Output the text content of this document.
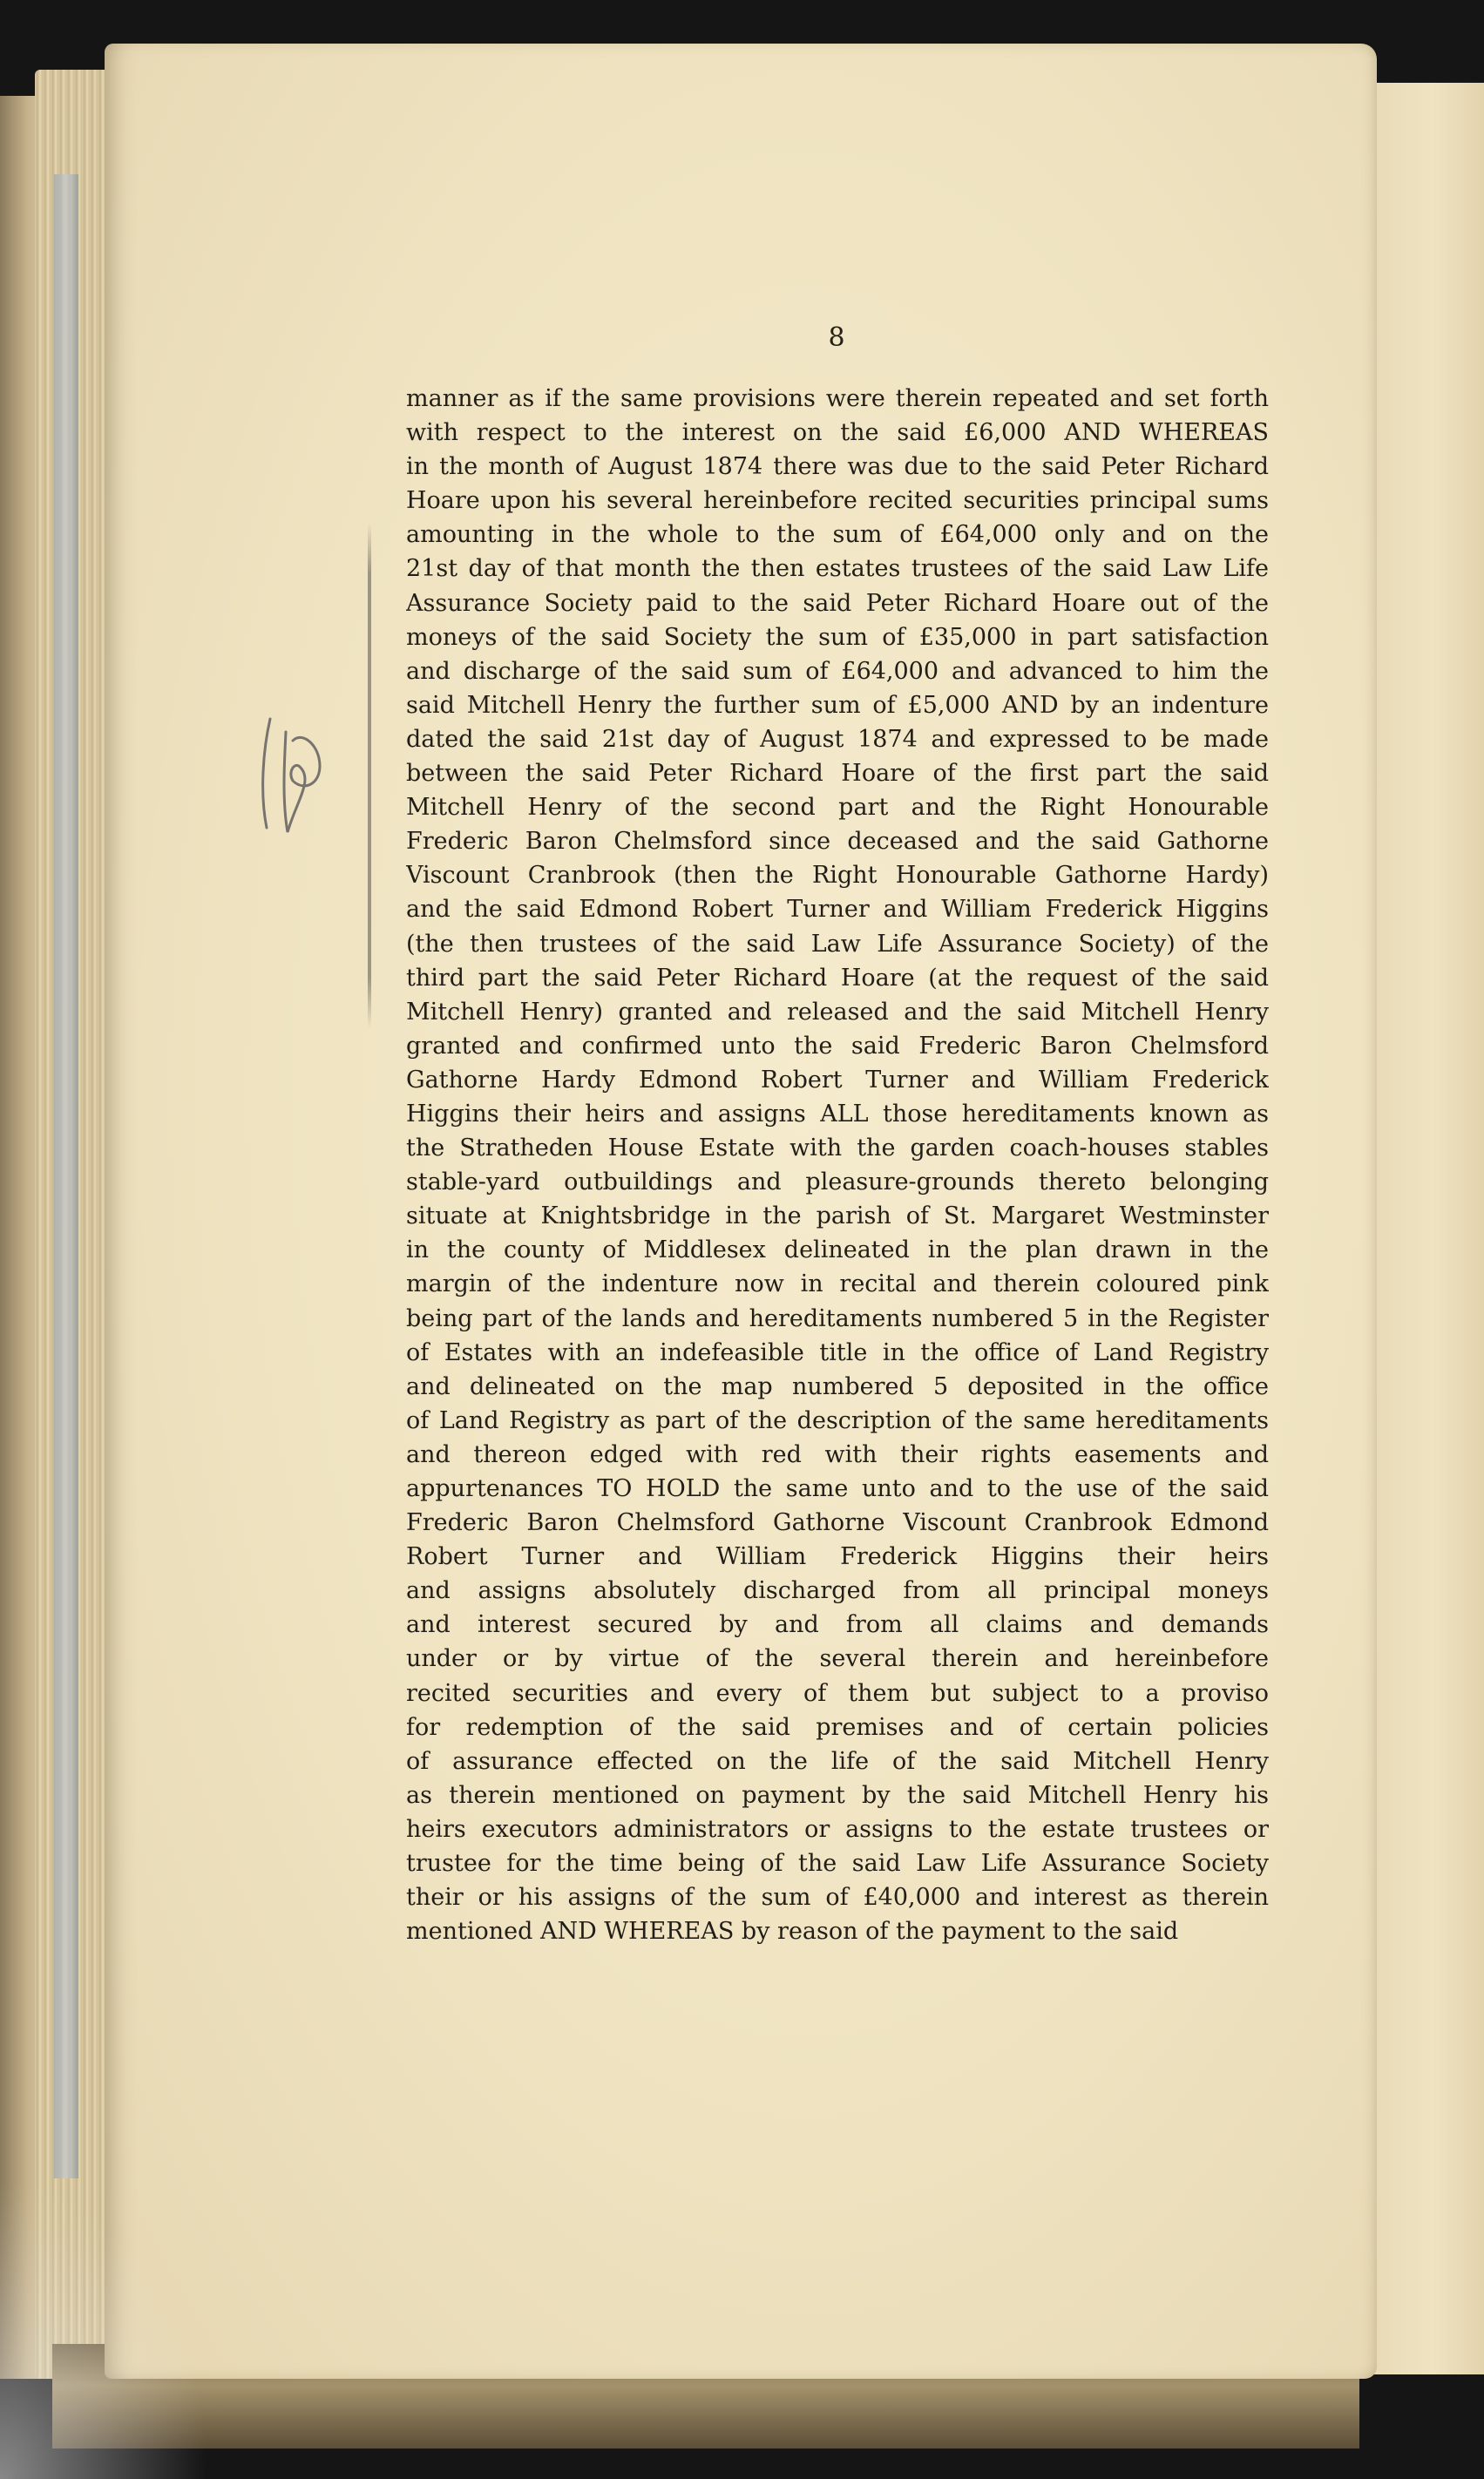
8
manner as if the same provisions were therein repeated and set forth
with respect to the interest on the said £6,000 AND WHEREAS
in the month of August 1874 there was due to the said Peter Richard
Hoare upon his several hereinbefore recited securities principal sums
amounting in the whole to the sum of £64,000 only and on the
21st day of that month the then estates trustees of the said Law Life
Assurance Society paid to the said Peter Richard Hoare out of the
moneys of the said Society the sum of £35,000 in part satisfaction
and discharge of the said sum of £64,000 and advanced to him the
said Mitchell Henry the further sum of £5,000 AND by an indenture
dated the said 21st day of August 1874 and expressed to be made
between the said Peter Richard Hoare of the first part the said
Mitchell Henry of the second part and the Right Honourable
Frederic Baron Chelmsford since deceased and the said Gathorne
Viscount Cranbrook (then the Right Honourable Gathorne Hardy)
and the said Edmond Robert Turner and William Frederick Higgins
(the then trustees of the said Law Life Assurance Society) of the
third part the said Peter Richard Hoare (at the request of the said
Mitchell Henry) granted and released and the said Mitchell Henry
granted and confirmed unto the said Frederic Baron Chelmsford
Gathorne Hardy Edmond Robert Turner and William Frederick
Higgins their heirs and assigns ALL those hereditaments known as
the Stratheden House Estate with the garden coach-houses stables
stable-yard outbuildings and pleasure-grounds thereto belonging
situate at Knightsbridge in the parish of St. Margaret Westminster
in the county of Middlesex delineated in the plan drawn in the
margin of the indenture now in recital and therein coloured pink
being part of the lands and hereditaments numbered 5 in the Register
of Estates with an indefeasible title in the office of Land Registry
and delineated on the map numbered 5 deposited in the office
of Land Registry as part of the description of the same hereditaments
and thereon edged with red with their rights easements and
appurtenances TO HOLD the same unto and to the use of the said
Frederic Baron Chelmsford Gathorne Viscount Cranbrook Edmond
Robert Turner and William Frederick Higgins their heirs
and assigns absolutely discharged from all principal moneys
and interest secured by and from all claims and demands
under or by virtue of the several therein and hereinbefore
recited securities and every of them but subject to a proviso
for redemption of the said premises and of certain policies
of assurance effected on the life of the said Mitchell Henry
as therein mentioned on payment by the said Mitchell Henry his
heirs executors administrators or assigns to the estate trustees or
trustee for the time being of the said Law Life Assurance Society
their or his assigns of the sum of £40,000 and interest as therein
mentioned AND WHEREAS by reason of the payment to the said
